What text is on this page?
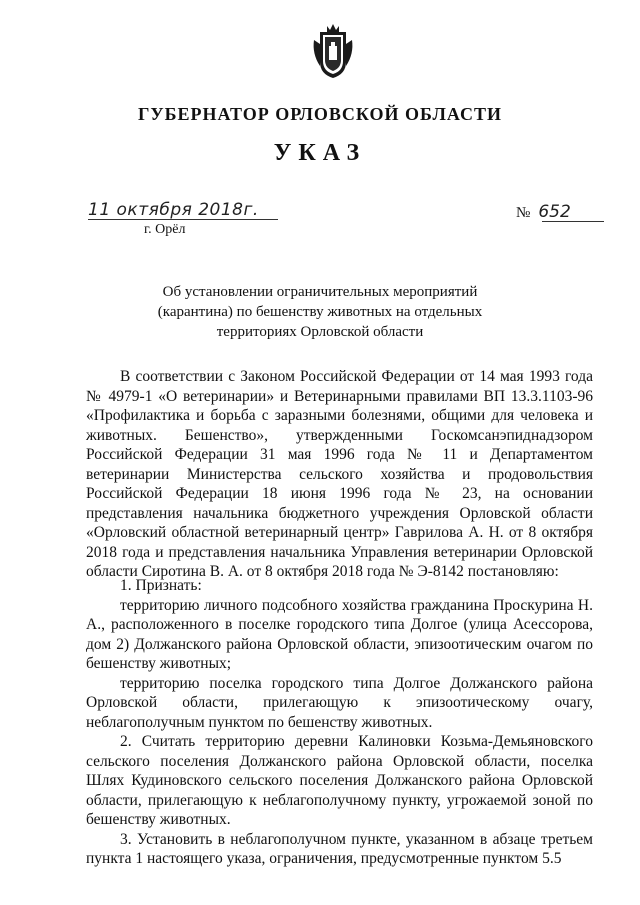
ГУБЕРНАТОР ОРЛОВСКОЙ ОБЛАСТИ
УКАЗ
11 октября 2018г.
г. Орёл
№ 652
Об установлении ограничительных мероприятий
(карантина) по бешенству животных на отдельных
территориях Орловской области

В соответствии с Законом Российской Федерации от 14 мая 1993 года № 4979-1 «О ветеринарии» и Ветеринарными правилами ВП 13.3.1103-96 «Профилактика и борьба с заразными болезнями, общими для человека и животных. Бешенство», утвержденными Госкомсанэпиднадзором Российской Федерации 31 мая 1996 года № 11 и Департаментом ветеринарии Министерства сельского хозяйства и продовольствия Российской Федерации 18 июня 1996 года № 23, на основании представления начальника бюджетного учреждения Орловской области «Орловский областной ветеринарный центр» Гаврилова А. Н. от 8 октября 2018 года и представления начальника Управления ветеринарии Орловской области Сиротина В. А. от 8 октября 2018 года № Э-8142 постановляю:

1. Признать:

территорию личного подсобного хозяйства гражданина Проскурина Н. А., расположенного в поселке городского типа Долгое (улица Асессорова, дом 2) Должанского района Орловской области, эпизоотическим очагом по бешенству животных;

территорию поселка городского типа Долгое Должанского района Орловской области, прилегающую к эпизоотическому очагу, неблагополучным пунктом по бешенству животных.

2. Считать территорию деревни Калиновки Козьма-Демьяновского сельского поселения Должанского района Орловской области, поселка Шлях Кудиновского сельского поселения Должанского района Орловской области, прилегающую к неблагополучному пункту, угрожаемой зоной по бешенству животных.

3. Установить в неблагополучном пункте, указанном в абзаце третьем пункта 1 настоящего указа, ограничения, предусмотренные пунктом 5.5
